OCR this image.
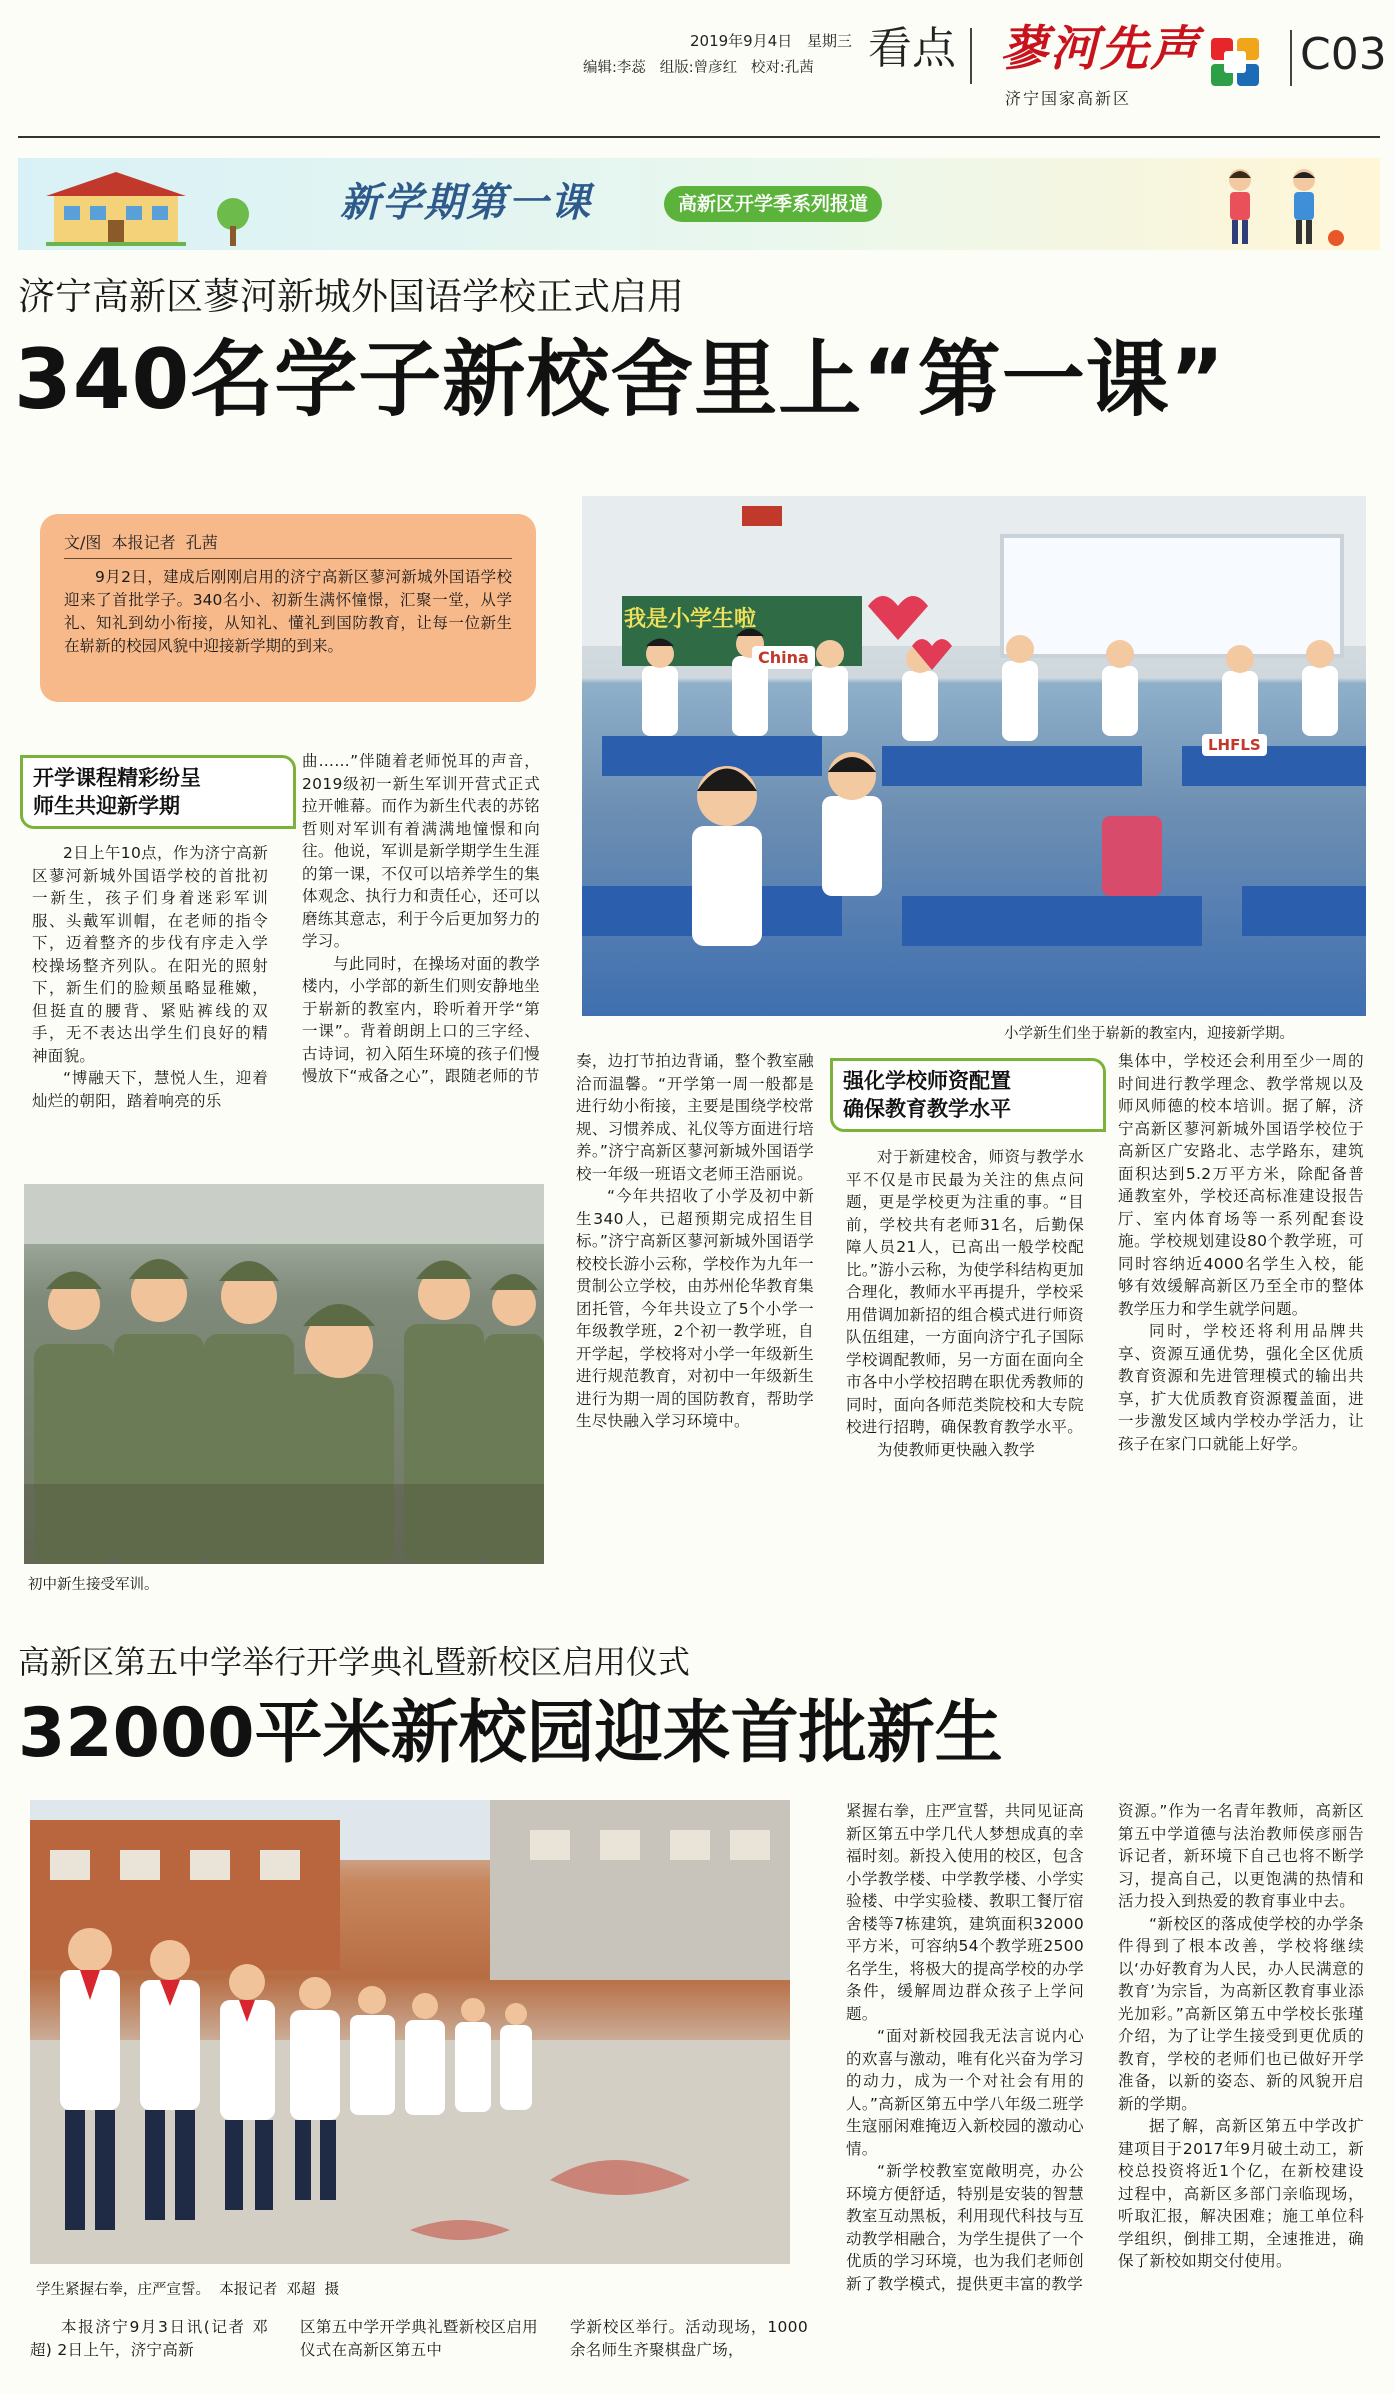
2019年9月4日 星期三
编辑:李蕊   组版:曾彦红   校对:孔茜 看点 蓼河先声
济宁国家高新区
C03
新学期第一课	高新区开学季系列报道
济宁高新区蓼河新城外国语学校正式启用
340名学子新校舍里上“第一课”
文/图  本报记者  孔茜
9月2日，建成后刚刚启用的济宁高新区蓼河新城外国语学校迎来了首批学子。340名小、初新生满怀憧憬，汇聚一堂，从学礼、知礼到幼小衔接，从知礼、懂礼到国防教育，让每一位新生在崭新的校园风貌中迎接新学期的到来。
开学课程精彩纷呈
师生共迎新学期

2日上午10点，作为济宁高新区蓼河新城外国语学校的首批初一新生，孩子们身着迷彩军训服、头戴军训帽，在老师的指令下，迈着整齐的步伐有序走入学校操场整齐列队。在阳光的照射下，新生们的脸颊虽略显稚嫩，但挺直的腰背、紧贴裤线的双手，无不表达出学生们良好的精神面貌。

“博融天下，慧悦人生，迎着灿烂的朝阳，踏着响亮的乐

曲……”伴随着老师悦耳的声音，2019级初一新生军训开营式正式拉开帷幕。而作为新生代表的苏铭哲则对军训有着满满地憧憬和向往。他说，军训是新学期学生生涯的第一课，不仅可以培养学生的集体观念、执行力和责任心，还可以磨练其意志，利于今后更加努力的学习。

与此同时，在操场对面的教学楼内，小学部的新生们则安静地坐于崭新的教室内，聆听着开学“第一课”。背着朗朗上口的三字经、古诗词，初入陌生环境的孩子们慢慢放下“戒备之心”，跟随老师的节

我是小学生啦
China
LHFLS
小学新生们坐于崭新的教室内，迎接新学期。
初中新生接受军训。

奏，边打节拍边背诵，整个教室融洽而温馨。“开学第一周一般都是进行幼小衔接，主要是围绕学校常规、习惯养成、礼仪等方面进行培养。”济宁高新区蓼河新城外国语学校一年级一班语文老师王浩丽说。

“今年共招收了小学及初中新生340人，已超预期完成招生目标。”济宁高新区蓼河新城外国语学校校长游小云称，学校作为九年一贯制公立学校，由苏州伦华教育集团托管，今年共设立了5个小学一年级教学班，2个初一教学班，自开学起，学校将对小学一年级新生进行规范教育，对初中一年级新生进行为期一周的国防教育，帮助学生尽快融入学习环境中。

强化学校师资配置
确保教育教学水平

对于新建校舍，师资与教学水平不仅是市民最为关注的焦点问题，更是学校更为注重的事。“目前，学校共有老师31名，后勤保障人员21人，已高出一般学校配比。”游小云称，为使学科结构更加合理化，教师水平再提升，学校采用借调加新招的组合模式进行师资队伍组建，一方面向济宁孔子国际学校调配教师，另一方面在面向全市各中小学校招聘在职优秀教师的同时，面向各师范类院校和大专院校进行招聘，确保教育教学水平。

为使教师更快融入教学

集体中，学校还会利用至少一周的时间进行教学理念、教学常规以及师风师德的校本培训。据了解，济宁高新区蓼河新城外国语学校位于高新区广安路北、志学路东，建筑面积达到5.2万平方米，除配备普通教室外，学校还高标准建设报告厅、室内体育场等一系列配套设施。学校规划建设80个教学班，可同时容纳近4000名学生入校，能够有效缓解高新区乃至全市的整体教学压力和学生就学问题。

同时，学校还将利用品牌共享、资源互通优势，强化全区优质教育资源和先进管理模式的输出共享，扩大优质教育资源覆盖面，进一步激发区域内学校办学活力，让孩子在家门口就能上好学。

高新区第五中学举行开学典礼暨新校区启用仪式
32000平米新校园迎来首批新生
学生紧握右拳，庄严宣誓。  本报记者  邓超  摄

本报济宁9月3日讯(记者 邓超) 2日上午，济宁高新

区第五中学开学典礼暨新校区启用仪式在高新区第五中

学新校区举行。活动现场，1000余名师生齐聚棋盘广场，

紧握右拳，庄严宣誓，共同见证高新区第五中学几代人梦想成真的幸福时刻。新投入使用的校区，包含小学教学楼、中学教学楼、小学实验楼、中学实验楼、教职工餐厅宿舍楼等7栋建筑，建筑面积32000平方米，可容纳54个教学班2500名学生，将极大的提高学校的办学条件，缓解周边群众孩子上学问题。

“面对新校园我无法言说内心的欢喜与激动，唯有化兴奋为学习的动力，成为一个对社会有用的人。”高新区第五中学八年级二班学生寇丽闲难掩迈入新校园的激动心情。

“新学校教室宽敞明亮，办公环境方便舒适，特别是安装的智慧教室互动黑板，利用现代科技与互动教学相融合，为学生提供了一个优质的学习环境，也为我们老师创新了教学模式，提供更丰富的教学

资源。”作为一名青年教师，高新区第五中学道德与法治教师侯彦丽告诉记者，新环境下自己也将不断学习，提高自己，以更饱满的热情和活力投入到热爱的教育事业中去。

“新校区的落成使学校的办学条件得到了根本改善，学校将继续以‘办好教育为人民，办人民满意的教育’为宗旨，为高新区教育事业添光加彩。”高新区第五中学校长张瑾介绍，为了让学生接受到更优质的教育，学校的老师们也已做好开学准备，以新的姿态、新的风貌开启新的学期。

据了解，高新区第五中学改扩建项目于2017年9月破土动工，新校总投资将近1个亿，在新校建设过程中，高新区多部门亲临现场，听取汇报，解决困难；施工单位科学组织，倒排工期，全速推进，确保了新校如期交付使用。
